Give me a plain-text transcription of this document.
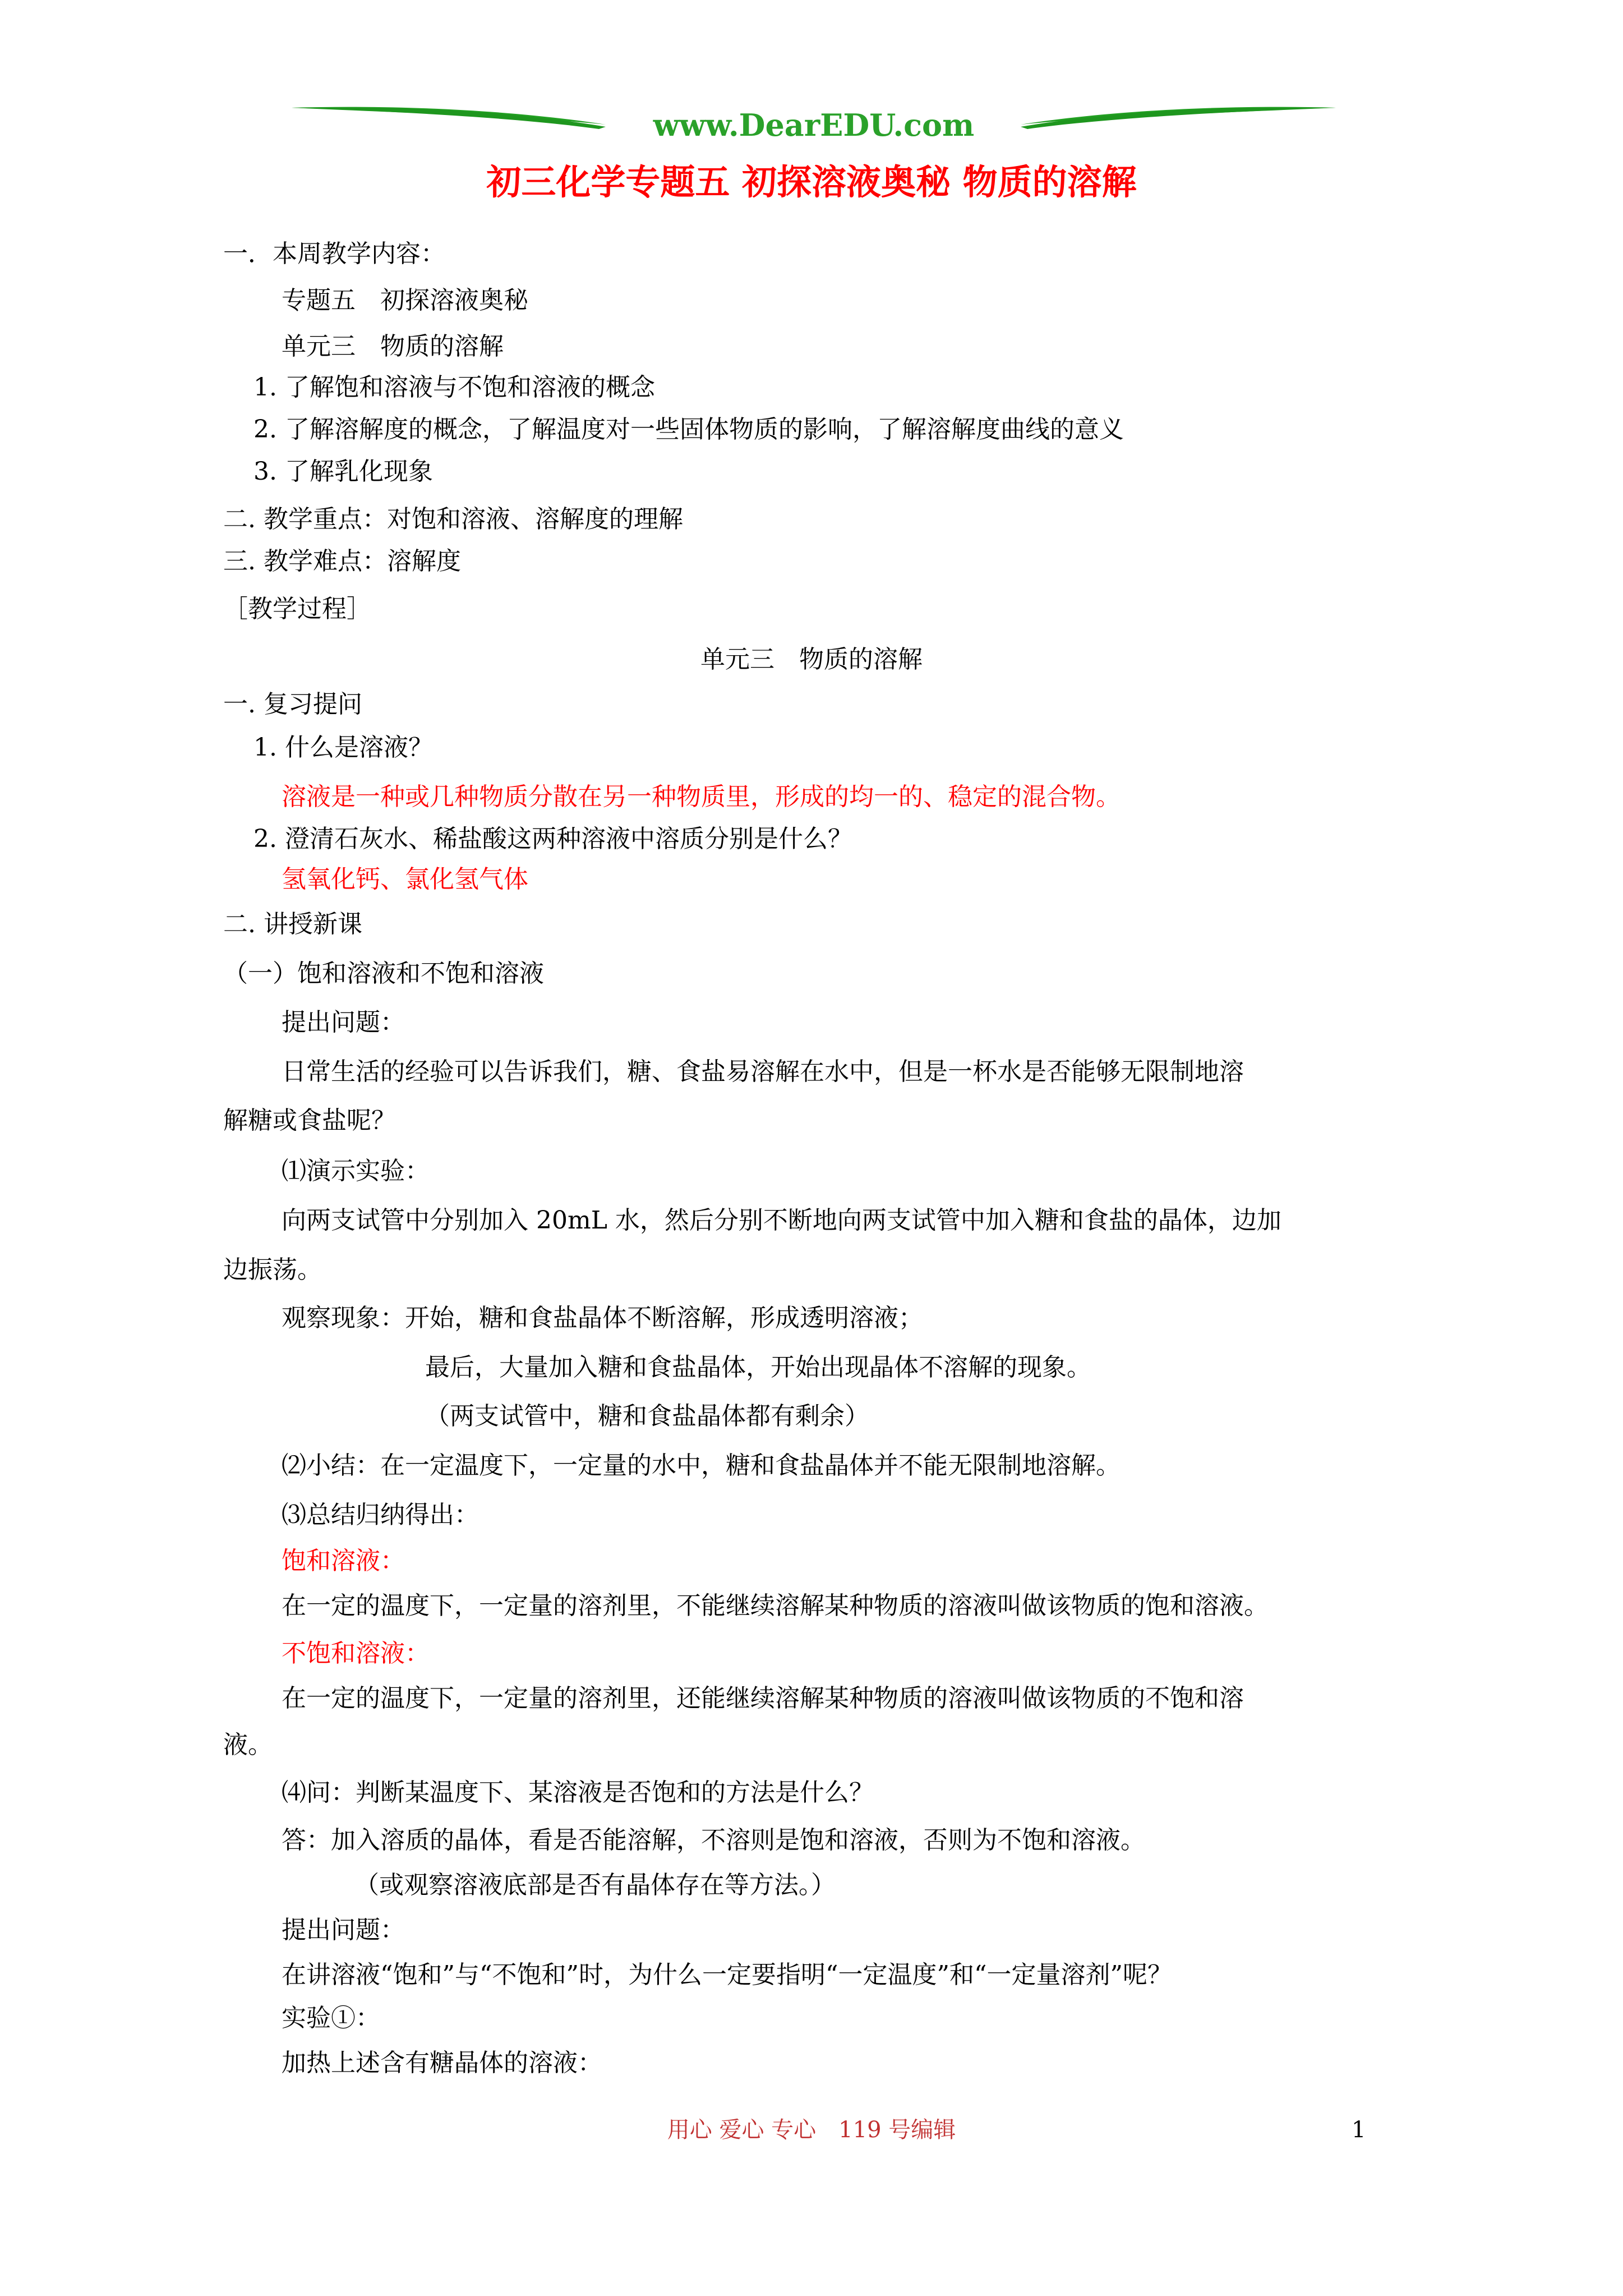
www.DearEDU.com
初三化学专题五 初探溶液奥秘 物质的溶解
一．本周教学内容：
专题五　初探溶液奥秘
单元三　物质的溶解
1. 了解饱和溶液与不饱和溶液的概念
2. 了解溶解度的概念，了解温度对一些固体物质的影响，了解溶解度曲线的意义
3. 了解乳化现象
二. 教学重点：对饱和溶液、溶解度的理解
三. 教学难点：溶解度
［教学过程］
单元三　物质的溶解
一. 复习提问
1. 什么是溶液？
溶液是一种或几种物质分散在另一种物质里，形成的均一的、稳定的混合物。
2. 澄清石灰水、稀盐酸这两种溶液中溶质分别是什么？
氢氧化钙、氯化氢气体
二. 讲授新课
（一）饱和溶液和不饱和溶液
提出问题：
日常生活的经验可以告诉我们，糖、食盐易溶解在水中，但是一杯水是否能够无限制地溶
解糖或食盐呢？
⑴演示实验：
向两支试管中分别加入 20mL 水，然后分别不断地向两支试管中加入糖和食盐的晶体，边加
边振荡。
观察现象：开始，糖和食盐晶体不断溶解，形成透明溶液；
最后，大量加入糖和食盐晶体，开始出现晶体不溶解的现象。
（两支试管中，糖和食盐晶体都有剩余）
⑵小结：在一定温度下，一定量的水中，糖和食盐晶体并不能无限制地溶解。
⑶总结归纳得出：
饱和溶液：
在一定的温度下，一定量的溶剂里，不能继续溶解某种物质的溶液叫做该物质的饱和溶液。
不饱和溶液：
在一定的温度下，一定量的溶剂里，还能继续溶解某种物质的溶液叫做该物质的不饱和溶
液。
⑷问：判断某温度下、某溶液是否饱和的方法是什么？
答：加入溶质的晶体，看是否能溶解，不溶则是饱和溶液，否则为不饱和溶液。
（或观察溶液底部是否有晶体存在等方法。）
提出问题：
在讲溶液“饱和”与“不饱和”时，为什么一定要指明“一定温度”和“一定量溶剂”呢？
实验①：
加热上述含有糖晶体的溶液：
用心 爱心 专心　119 号编辑	1
